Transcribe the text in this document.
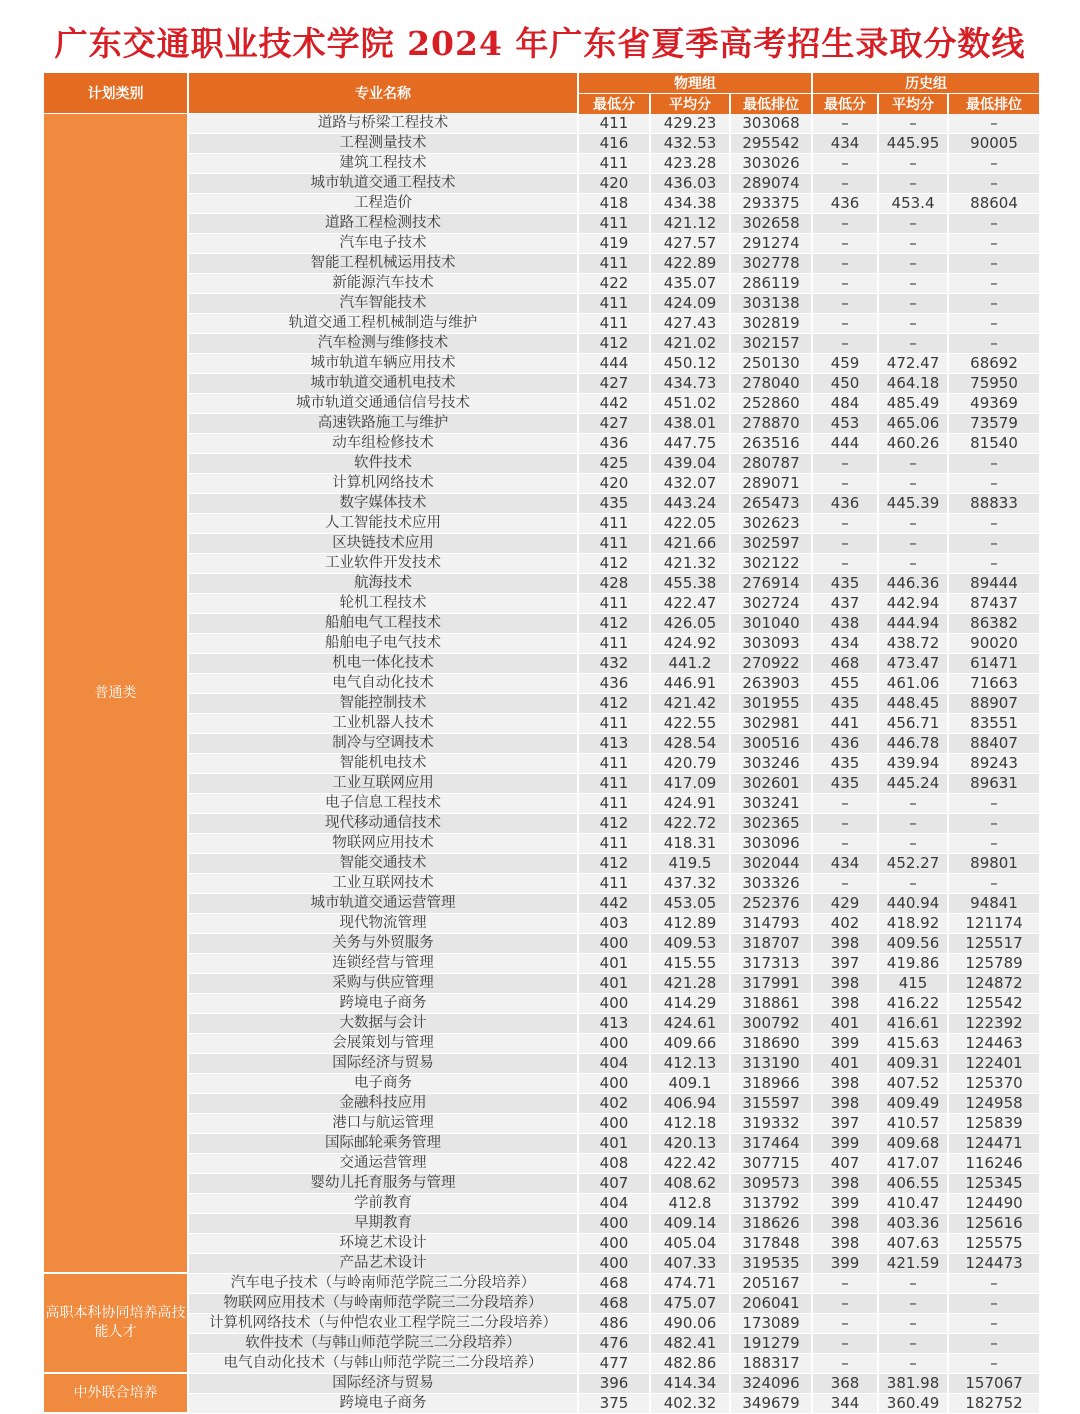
广东交通职业技术学院 2024 年广东省夏季高考招生录取分数线
计划类别	专业名称	物理组			历史组		
		最低分	平均分	最低排位	最低分	平均分	最低排位
普通类	道路与桥梁工程技术	411	429.23	303068	–	–	–
	工程测量技术	416	432.53	295542	434	445.95	90005
	建筑工程技术	411	423.28	303026	–	–	–
	城市轨道交通工程技术	420	436.03	289074	–	–	–
	工程造价	418	434.38	293375	436	453.4	88604
	道路工程检测技术	411	421.12	302658	–	–	–
	汽车电子技术	419	427.57	291274	–	–	–
	智能工程机械运用技术	411	422.89	302778	–	–	–
	新能源汽车技术	422	435.07	286119	–	–	–
	汽车智能技术	411	424.09	303138	–	–	–
	轨道交通工程机械制造与维护	411	427.43	302819	–	–	–
	汽车检测与维修技术	412	421.02	302157	–	–	–
	城市轨道车辆应用技术	444	450.12	250130	459	472.47	68692
	城市轨道交通机电技术	427	434.73	278040	450	464.18	75950
	城市轨道交通通信信号技术	442	451.02	252860	484	485.49	49369
	高速铁路施工与维护	427	438.01	278870	453	465.06	73579
	动车组检修技术	436	447.75	263516	444	460.26	81540
	软件技术	425	439.04	280787	–	–	–
	计算机网络技术	420	432.07	289071	–	–	–
	数字媒体技术	435	443.24	265473	436	445.39	88833
	人工智能技术应用	411	422.05	302623	–	–	–
	区块链技术应用	411	421.66	302597	–	–	–
	工业软件开发技术	412	421.32	302122	–	–	–
	航海技术	428	455.38	276914	435	446.36	89444
	轮机工程技术	411	422.47	302724	437	442.94	87437
	船舶电气工程技术	412	426.05	301040	438	444.94	86382
	船舶电子电气技术	411	424.92	303093	434	438.72	90020
	机电一体化技术	432	441.2	270922	468	473.47	61471
	电气自动化技术	436	446.91	263903	455	461.06	71663
	智能控制技术	412	421.42	301955	435	448.45	88907
	工业机器人技术	411	422.55	302981	441	456.71	83551
	制冷与空调技术	413	428.54	300516	436	446.78	88407
	智能机电技术	411	420.79	303246	435	439.94	89243
	工业互联网应用	411	417.09	302601	435	445.24	89631
	电子信息工程技术	411	424.91	303241	–	–	–
	现代移动通信技术	412	422.72	302365	–	–	–
	物联网应用技术	411	418.31	303096	–	–	–
	智能交通技术	412	419.5	302044	434	452.27	89801
	工业互联网技术	411	437.32	303326	–	–	–
	城市轨道交通运营管理	442	453.05	252376	429	440.94	94841
	现代物流管理	403	412.89	314793	402	418.92	121174
	关务与外贸服务	400	409.53	318707	398	409.56	125517
	连锁经营与管理	401	415.55	317313	397	419.86	125789
	采购与供应管理	401	421.28	317991	398	415	124872
	跨境电子商务	400	414.29	318861	398	416.22	125542
	大数据与会计	413	424.61	300792	401	416.61	122392
	会展策划与管理	400	409.66	318690	399	415.63	124463
	国际经济与贸易	404	412.13	313190	401	409.31	122401
	电子商务	400	409.1	318966	398	407.52	125370
	金融科技应用	402	406.94	315597	398	409.49	124958
	港口与航运管理	400	412.18	319332	397	410.57	125839
	国际邮轮乘务管理	401	420.13	317464	399	409.68	124471
	交通运营管理	408	422.42	307715	407	417.07	116246
	婴幼儿托育服务与管理	407	408.62	309573	398	406.55	125345
	学前教育	404	412.8	313792	399	410.47	124490
	早期教育	400	409.14	318626	398	403.36	125616
	环境艺术设计	400	405.04	317848	398	407.63	125575
	产品艺术设计	400	407.33	319535	399	421.59	124473
高职本科协同培养高技能人才	汽车电子技术（与岭南师范学院三二分段培养）	468	474.71	205167	–	–	–
	物联网应用技术（与岭南师范学院三二分段培养）	468	475.07	206041	–	–	–
	计算机网络技术（与仲恺农业工程学院三二分段培养）	486	490.06	173089	–	–	–
	软件技术（与韩山师范学院三二分段培养）	476	482.41	191279	–	–	–
	电气自动化技术（与韩山师范学院三二分段培养）	477	482.86	188317	–	–	–
中外联合培养	国际经济与贸易	396	414.34	324096	368	381.98	157067
	跨境电子商务	375	402.32	349679	344	360.49	182752
